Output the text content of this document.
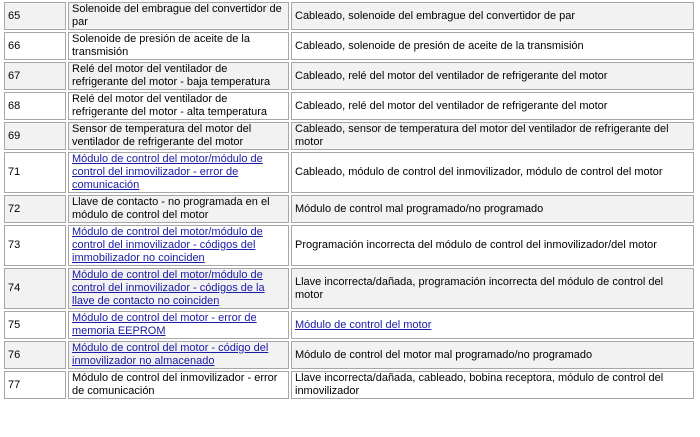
65	Solenoide del embrague del convertidor de par	Cableado, solenoide del embrague del convertidor de par
66	Solenoide de presión de aceite de la transmisión	Cableado, solenoide de presión de aceite de la transmisión
67	Relé del motor del ventilador de refrigerante del motor - baja temperatura	Cableado, relé del motor del ventilador de refrigerante del motor
68	Relé del motor del ventilador de refrigerante del motor - alta temperatura	Cableado, relé del motor del ventilador de refrigerante del motor
69	Sensor de temperatura del motor del ventilador de refrigerante del motor	Cableado, sensor de temperatura del motor del ventilador de refrigerante del motor
71	Módulo de control del motor/módulo de control del inmovilizador - error de comunicación	Cableado, módulo de control del inmovilizador, módulo de control del motor
72	Llave de contacto - no programada en el módulo de control del motor	Módulo de control mal programado/no programado
73	Módulo de control del motor/módulo de control del inmovilizador - códigos del immobilizador no coinciden	Programación incorrecta del módulo de control del inmovilizador/del motor
74	Módulo de control del motor/módulo de control del inmovilizador - códigos de la llave de contacto no coinciden	Llave incorrecta/dañada, programación incorrecta del módulo de control del motor
75	Módulo de control del motor - error de memoria EEPROM	Módulo de control del motor
76	Módulo de control del motor - código del inmovilizador no almacenado	Módulo de control del motor mal programado/no programado
77	Módulo de control del inmovilizador - error de comunicación	Llave incorrecta/dañada, cableado, bobina receptora, módulo de control del inmovilizador
